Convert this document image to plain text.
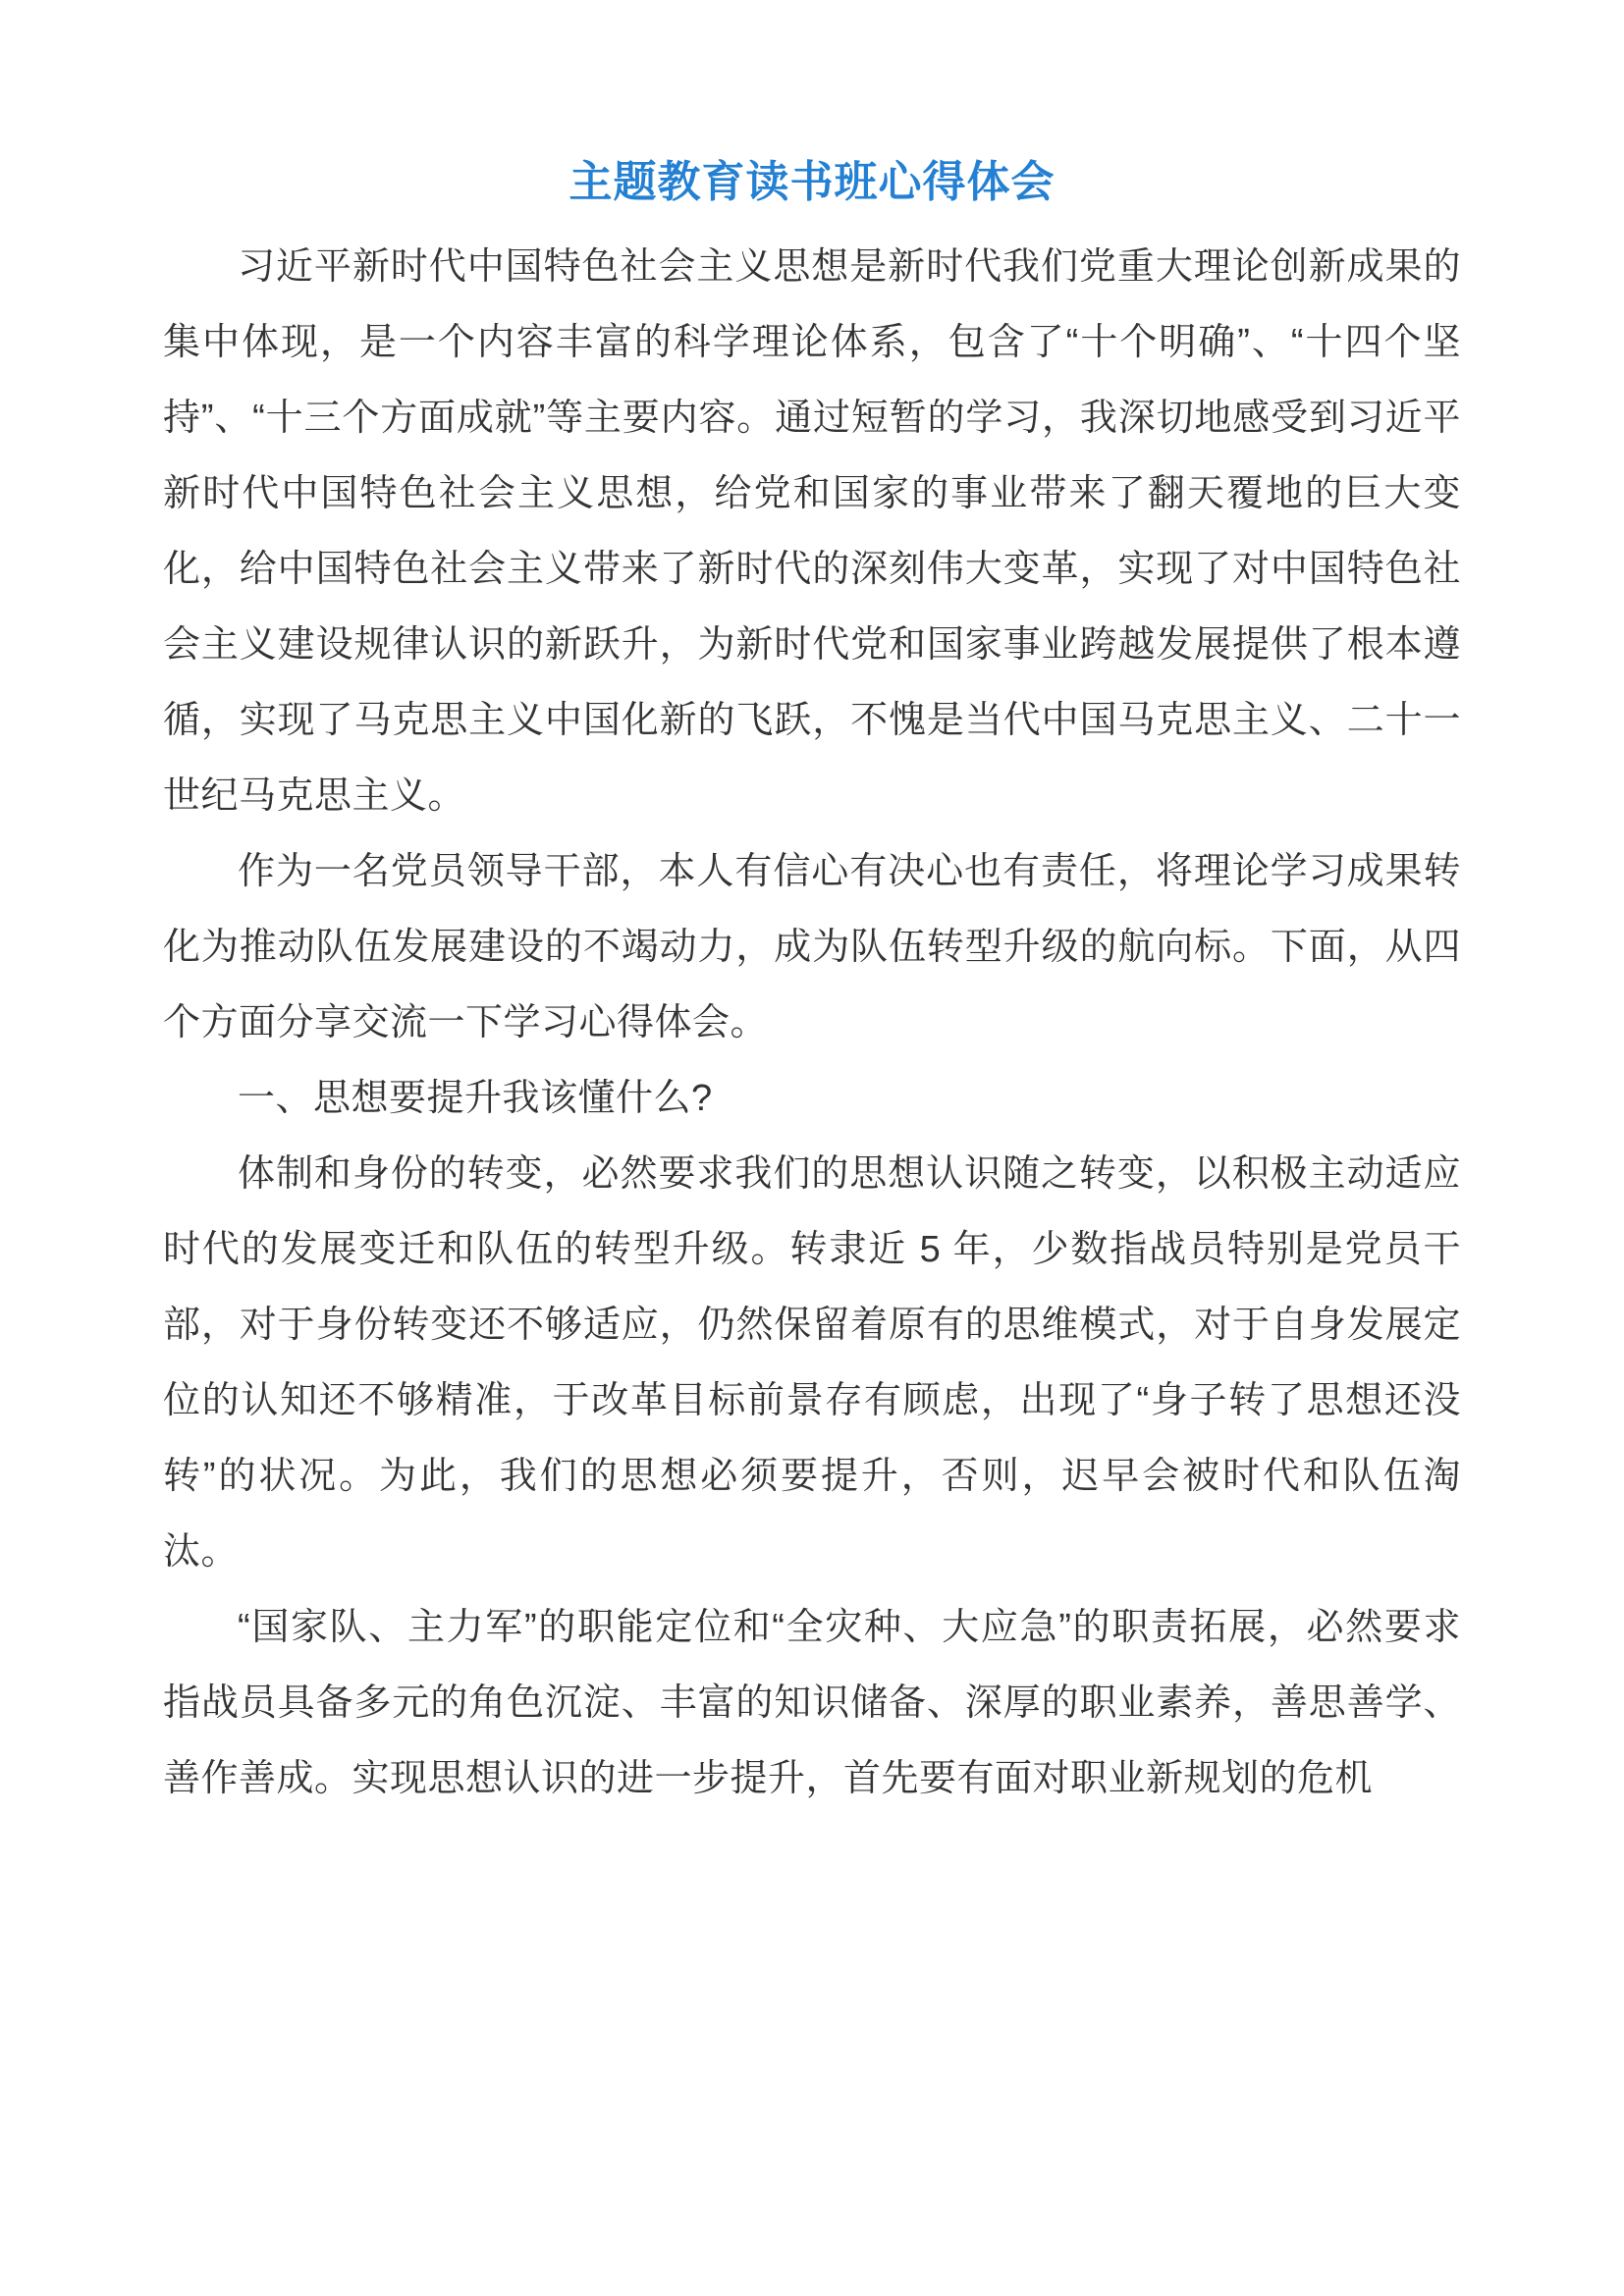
主题教育读书班心得体会

习近平新时代中国特色社会主义思想是新时代我们党重大理论创新成果的集中体现，是一个内容丰富的科学理论体系，包含了“十个明确”、“十四个坚持”、“十三个方面成就”等主要内容。通过短暂的学习，我深切地感受到习近平新时代中国特色社会主义思想，给党和国家的事业带来了翻天覆地的巨大变化，给中国特色社会主义带来了新时代的深刻伟大变革，实现了对中国特色社会主义建设规律认识的新跃升，为新时代党和国家事业跨越发展提供了根本遵循，实现了马克思主义中国化新的飞跃，不愧是当代中国马克思主义、二十一世纪马克思主义。

作为一名党员领导干部，本人有信心有决心也有责任，将理论学习成果转化为推动队伍发展建设的不竭动力，成为队伍转型升级的航向标。下面，从四个方面分享交流一下学习心得体会。

一、思想要提升我该懂什么?

体制和身份的转变，必然要求我们的思想认识随之转变，以积极主动适应时代的发展变迁和队伍的转型升级。转隶近 5 年，少数指战员特别是党员干部，对于身份转变还不够适应，仍然保留着原有的思维模式，对于自身发展定位的认知还不够精准，于改革目标前景存有顾虑，出现了“身子转了思想还没转”的状况。为此，我们的思想必须要提升，否则，迟早会被时代和队伍淘汰。

“国家队、主力军”的职能定位和“全灾种、大应急”的职责拓展，必然要求指战员具备多元的角色沉淀、丰富的知识储备、深厚的职业素养，善思善学、善作善成。实现思想认识的进一步提升，首先要有面对职业新规划的危机
